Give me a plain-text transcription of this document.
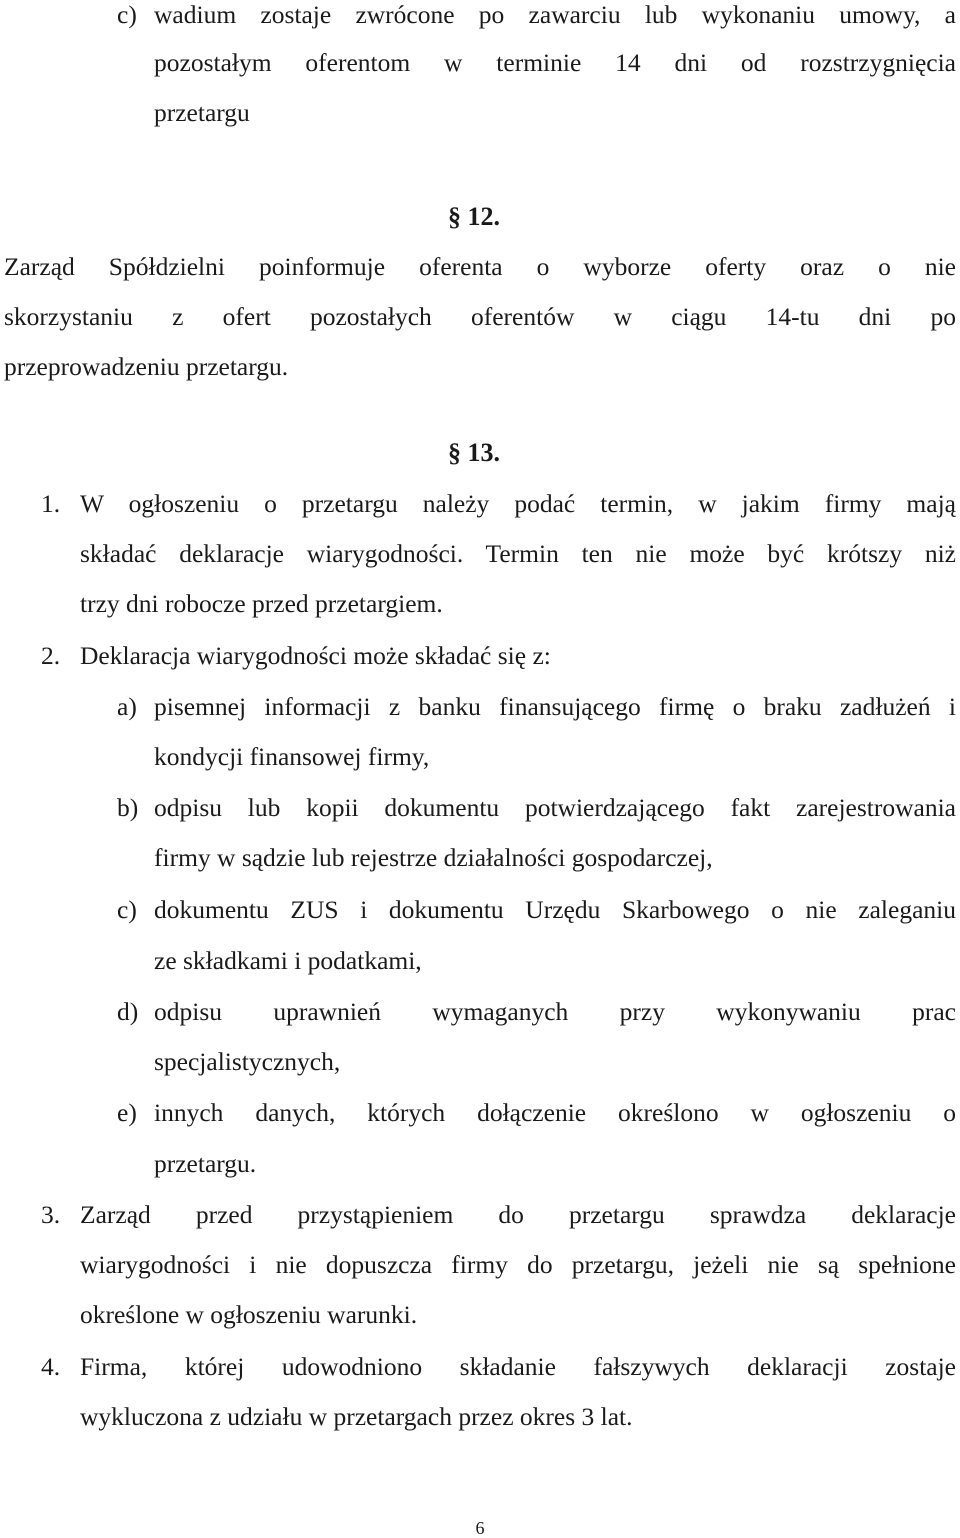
c) wadium zostaje zwrócone po zawarciu lub wykonaniu umowy, a
pozostałym oferentom w terminie 14 dni od rozstrzygnięcia
przetargu
§ 12.
Zarząd Spółdzielni poinformuje oferenta o wyborze oferty oraz o nie
skorzystaniu z ofert pozostałych oferentów w ciągu 14-tu dni po
przeprowadzeniu przetargu.
§ 13.
1. W ogłoszeniu o przetargu należy podać termin, w jakim firmy mają
składać deklaracje wiarygodności. Termin ten nie może być krótszy niż
trzy dni robocze przed przetargiem.
2. Deklaracja wiarygodności może składać się z:
a) pisemnej informacji z banku finansującego firmę o braku zadłużeń i
kondycji finansowej firmy,
b) odpisu lub kopii dokumentu potwierdzającego fakt zarejestrowania
firmy w sądzie lub rejestrze działalności gospodarczej,
c) dokumentu ZUS i dokumentu Urzędu Skarbowego o nie zaleganiu
ze składkami i podatkami,
d) odpisu uprawnień wymaganych przy wykonywaniu prac
specjalistycznych,
e) innych danych, których dołączenie określono w ogłoszeniu o
przetargu.
3. Zarząd przed przystąpieniem do przetargu sprawdza deklaracje
wiarygodności i nie dopuszcza firmy do przetargu, jeżeli nie są spełnione
określone w ogłoszeniu warunki.
4. Firma, której udowodniono składanie fałszywych deklaracji zostaje
wykluczona z udziału w przetargach przez okres 3 lat.
6
